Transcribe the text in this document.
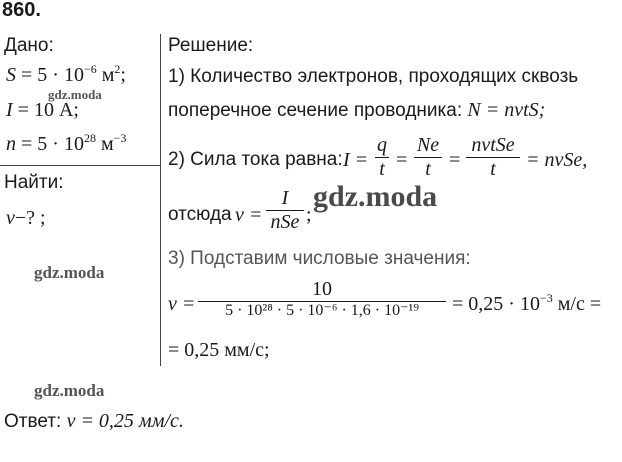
860.
Дано:
$S = 5 \cdot 10^{-6}$ $м^2$;
I = 10 А;
$n = 5 \cdot 10^{28}$ $м^{-3}$
Найти:
v−? ;
Решение:
1) Количество электронов, проходящих сквозь
поперечное сечение проводника: N = nvtS;
2) Сила тока равна: I =
q
t =
Ne
t =
nvtSe
t	= nvSe,
отсюда v =
I
nSe ;
3) Подставим числовые значения:
v =
10
5 · 10²⁸ · 5 · 10⁻⁶ · 1,6 · 10⁻¹⁹	= $0,25 \cdot 10^{-3}$ м/с =
= 0,25 мм/с;
Ответ: v = 0,25 мм/с.
gdz.moda
gdz.moda
gdz.moda
gdz.moda
